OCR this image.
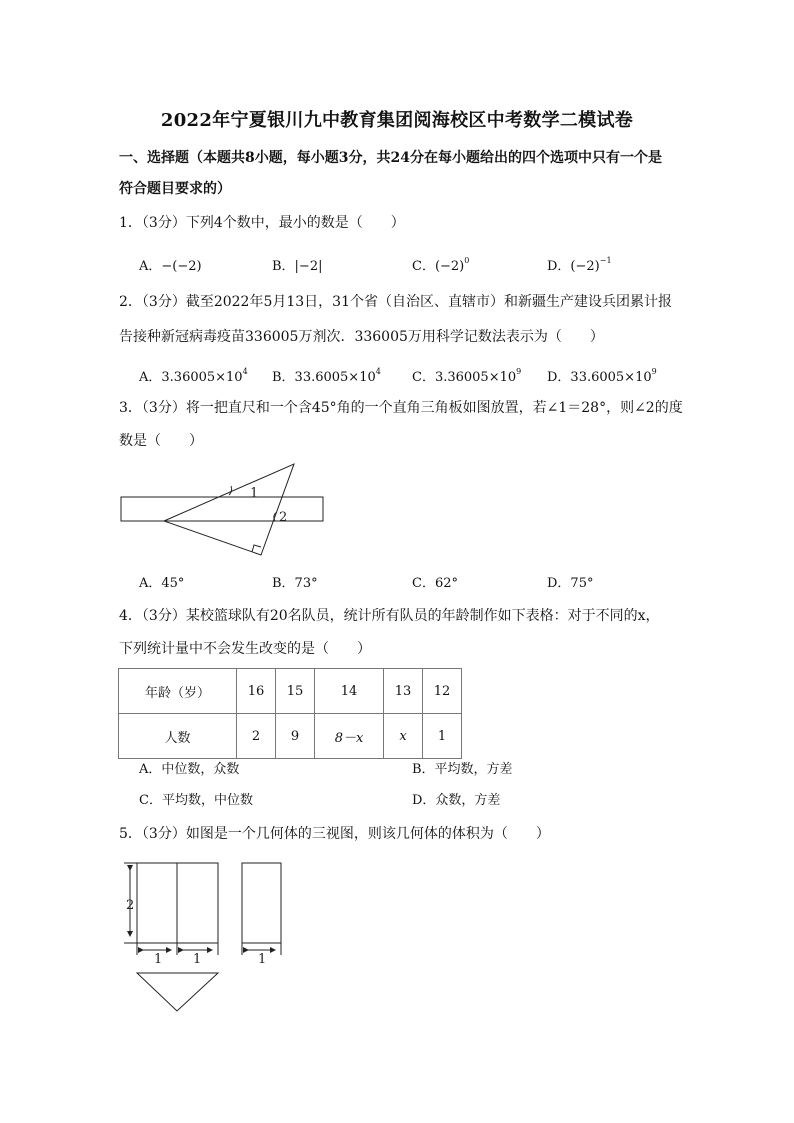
2022年宁夏银川九中教育集团阅海校区中考数学二模试卷
一、选择题（本题共8小题，每小题3分，共24分在每小题给出的四个选项中只有一个是
符合题目要求的）
1．（3分）下列4个数中，最小的数是（　　）
A．−(−2)	B．|−2|	C．$(-2)^0$	D．$(-2)^{-1}$
2．（3分）截至2022年5月13日，31个省（自治区、直辖市）和新疆生产建设兵团累计报
告接种新冠病毒疫苗336005万剂次．336005万用科学记数法表示为（　　）
A．$3.36005\times 10^4$ B．$33.6005\times 10^4$ C．$3.36005\times 10^9$ D．$33.6005\times 10^9$
3．（3分）将一把直尺和一个含45°角的一个直角三角板如图放置，若∠1＝28°，则∠2的度
数是（　　）
1
2
A．45°	B．73°	C．62°	D．75°
4．（3分）某校篮球队有20名队员，统计所有队员的年龄制作如下表格：对于不同的x，
下列统计量中不会发生改变的是（　　）
年龄（岁）	16	15	14	13	12
人数	2	9	8－x	x	1
A．中位数，众数	B．平均数，方差
C．平均数，中位数	D．众数，方差
5．（3分）如图是一个几何体的三视图，则该几何体的体积为（　　）
2
1 1	1
